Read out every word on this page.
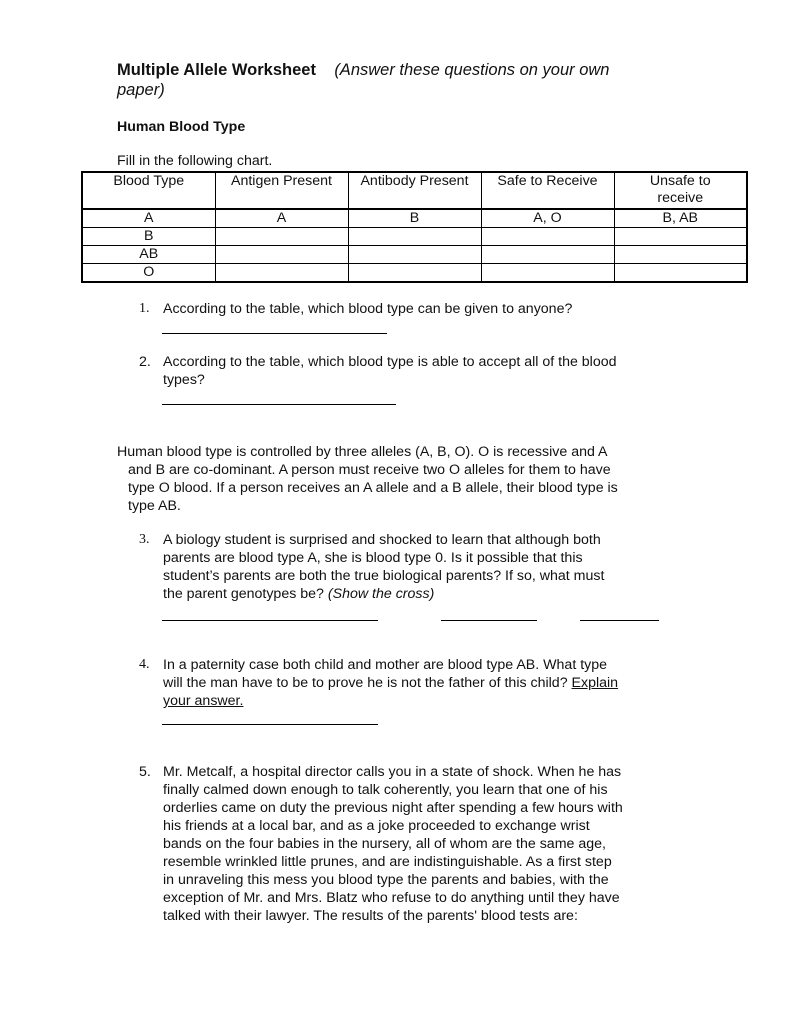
Multiple Allele Worksheet (Answer these questions on your own
paper)
Human Blood Type
Fill in the following chart.
Blood Type	Antigen Present	Antibody Present	Safe to Receive	Unsafe to
receive
A	A	B	A, O	B, AB
B				
AB				
O				
1. According to the table, which blood type can be given to anyone?
2. According to the table, which blood type is able to accept all of the blood
types?
Human blood type is controlled by three alleles (A, B, O). O is recessive and A
and B are co-dominant. A person must receive two O alleles for them to have
type O blood. If a person receives an A allele and a B allele, their blood type is
type AB.
3. A biology student is surprised and shocked to learn that although both
parents are blood type A, she is blood type 0. Is it possible that this
student’s parents are both the true biological parents? If so, what must
the parent genotypes be? (Show the cross)
4. In a paternity case both child and mother are blood type AB. What type
will the man have to be to prove he is not the father of this child? Explain
your answer.
5. Mr. Metcalf, a hospital director calls you in a state of shock. When he has
finally calmed down enough to talk coherently, you learn that one of his
orderlies came on duty the previous night after spending a few hours with
his friends at a local bar, and as a joke proceeded to exchange wrist
bands on the four babies in the nursery, all of whom are the same age,
resemble wrinkled little prunes, and are indistinguishable. As a first step
in unraveling this mess you blood type the parents and babies, with the
exception of Mr. and Mrs. Blatz who refuse to do anything until they have
talked with their lawyer. The results of the parents' blood tests are:
